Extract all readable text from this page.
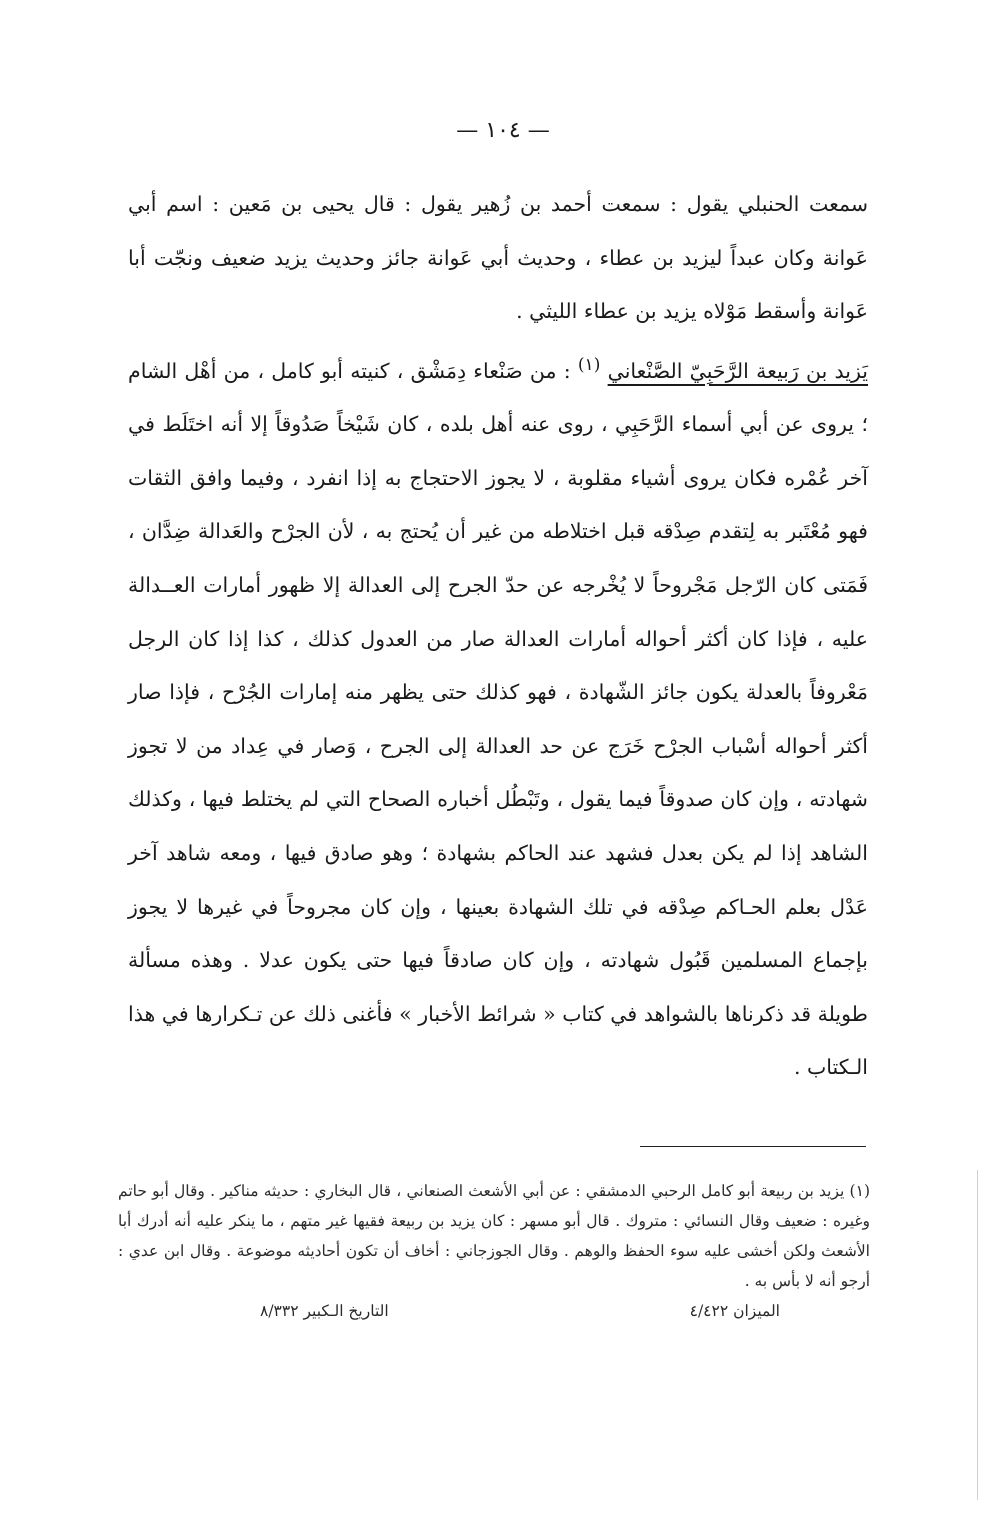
— ١٠٤ —

سمعت الحنبلي يقول : سمعت أحمد بن زُهير يقول : قال يحيى بن مَعين : اسم أبي عَوانة وكان عبداً ليزيد بن عطاء ، وحديث أبي عَوانة جائز وحديث يزيد ضعيف ونجّت أبا عَوانة وأسقط مَوْلاه يزيد بن عطاء الليثي .

يَزيد بن رَبيعة الرَّحَبِيّ الصَّنْعاني $^{(١)}$ : من صَنْعاء دِمَشْق ، كنيته أبو كامل ، من أهْل الشام ؛ يروى عن أبي أسماء الرَّحَبِي ، روى عنه أهل بلده ، كان شَيْخاً صَدُوقاً إلا أنه اختَلَط في آخر عُمْره فكان يروى أشياء مقلوبة ، لا يجوز الاحتجاج به إذا انفرد ، وفيما وافق الثقات فهو مُعْتَبر به لِتقدم صِدْقه قبل اختلاطه من غير أن يُحتج به ، لأن الجرْح والعَدالة ضِدَّان ، فَمَتى كان الرّجل مَجْروحاً لا يُخْرجه عن حدّ الجرح إلى العدالة إلا ظهور أمارات العــدالة عليه ، فإذا كان أكثر أحواله أمارات العدالة صار من العدول كذلك ، كذا إذا كان الرجل مَعْروفاً بالعدلة يكون جائز الشّهادة ، فهو كذلك حتى يظهر منه إمارات الجُرْح ، فإذا صار أكثر أحواله أسْباب الجرْح خَرَج عن حد العدالة إلى الجرح ، وَصار في عِداد من لا تجوز شهادته ، وإن كان صدوقاً فيما يقول ، وتَبْطُل أخباره الصحاح التي لم يختلط فيها ، وكذلك الشاهد إذا لم يكن بعدل فشهد عند الحاكم بشهادة ؛ وهو صادق فيها ، ومعه شاهد آخر عَدْل بعلم الحـاكم صِدْقه في تلك الشهادة بعينها ، وإن كان مجروحاً في غيرها لا يجوز بإجماع المسلمين قَبُول شهادته ، وإن كان صادقاً فيها حتى يكون عدلا . وهذه مسألة طويلة قد ذكرناها بالشواهد في كتاب « شرائط الأخبار » فأغنى ذلك عن تـكرارها في هذا الـكتاب .

(١) يزيد بن ربيعة أبو كامل الرحبي الدمشقي : عن أبي الأشعث الصنعاني ، قال البخاري : حديثه مناكير . وقال أبو حاتم وغيره : ضعيف وقال النسائي : متروك . قال أبو مسهر : كان يزيد بن ربيعة فقيها غير متهم ، ما ينكر عليه أنه أدرك أبا الأشعث ولكن أخشى عليه سوء الحفظ والوهم . وقال الجوزجاني : أخاف أن تكون أحاديثه موضوعة . وقال ابن عدي : أرجو أنه لا بأس به .

الميزان ٤/٤٢٢
التاريخ الـكبير ٨/٣٣٢
